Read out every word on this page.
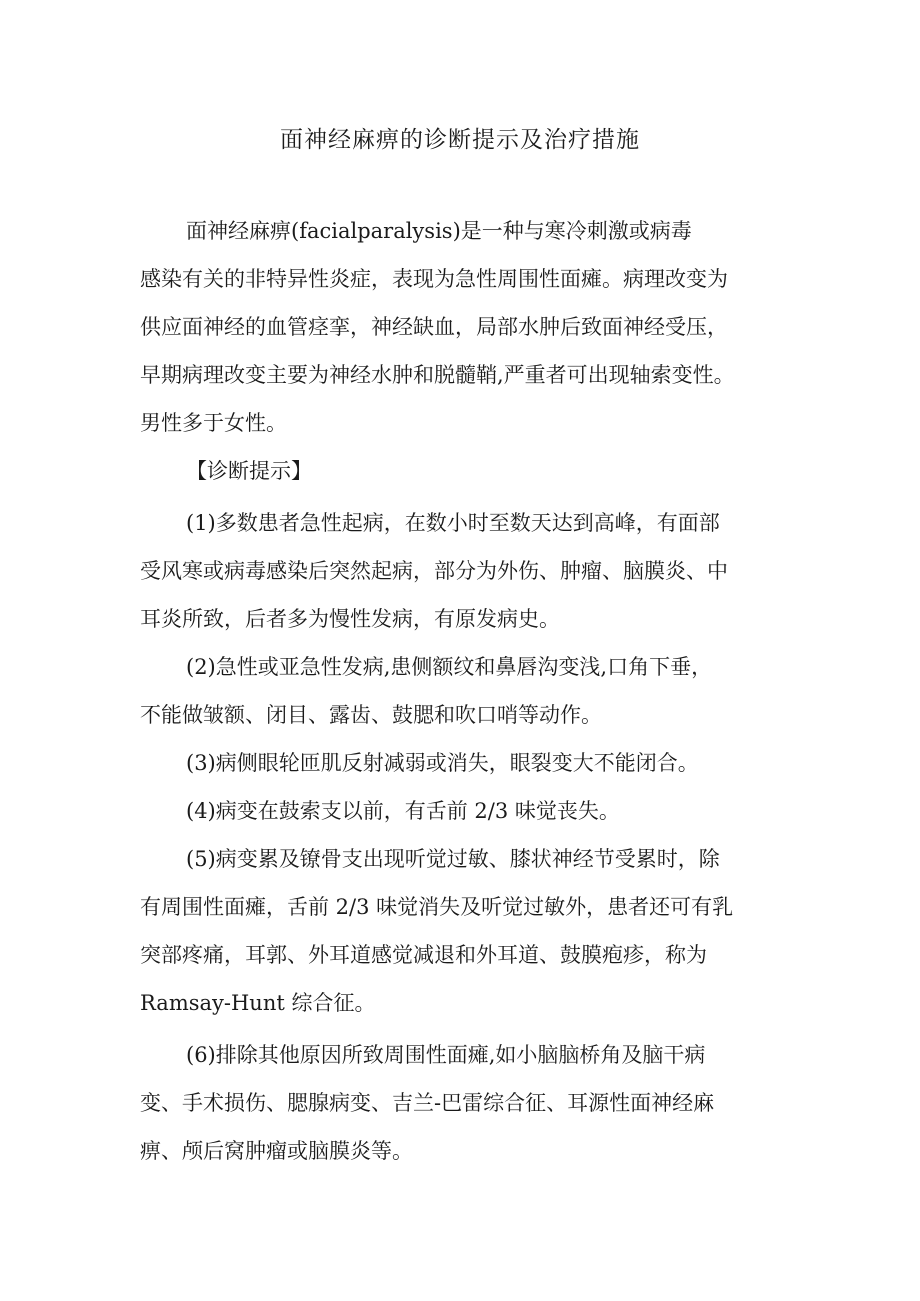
面神经麻痹的诊断提示及治疗措施

面神经麻痹(facialparalysis)是一种与寒冷刺激或病毒

感染有关的非特异性炎症，表现为急性周围性面瘫。病理改变为

供应面神经的血管痉挛，神经缺血，局部水肿后致面神经受压，

早期病理改变主要为神经水肿和脱髓鞘,严重者可出现轴索变性。

男性多于女性。

【诊断提示】

(1)多数患者急性起病，在数小时至数天达到高峰，有面部

受风寒或病毒感染后突然起病，部分为外伤、肿瘤、脑膜炎、中

耳炎所致，后者多为慢性发病，有原发病史。

(2)急性或亚急性发病,患侧额纹和鼻唇沟变浅,口角下垂，

不能做皱额、闭目、露齿、鼓腮和吹口哨等动作。

(3)病侧眼轮匝肌反射减弱或消失，眼裂变大不能闭合。

(4)病变在鼓索支以前，有舌前 2/3 味觉丧失。

(5)病变累及镣骨支出现听觉过敏、膝状神经节受累时，除

有周围性面瘫，舌前 2/3 味觉消失及听觉过敏外，患者还可有乳

突部疼痛，耳郭、外耳道感觉减退和外耳道、鼓膜疱疹，称为

Ramsay-Hunt 综合征。

(6)排除其他原因所致周围性面瘫,如小脑脑桥角及脑干病

变、手术损伤、腮腺病变、吉兰-巴雷综合征、耳源性面神经麻

痹、颅后窝肿瘤或脑膜炎等。
